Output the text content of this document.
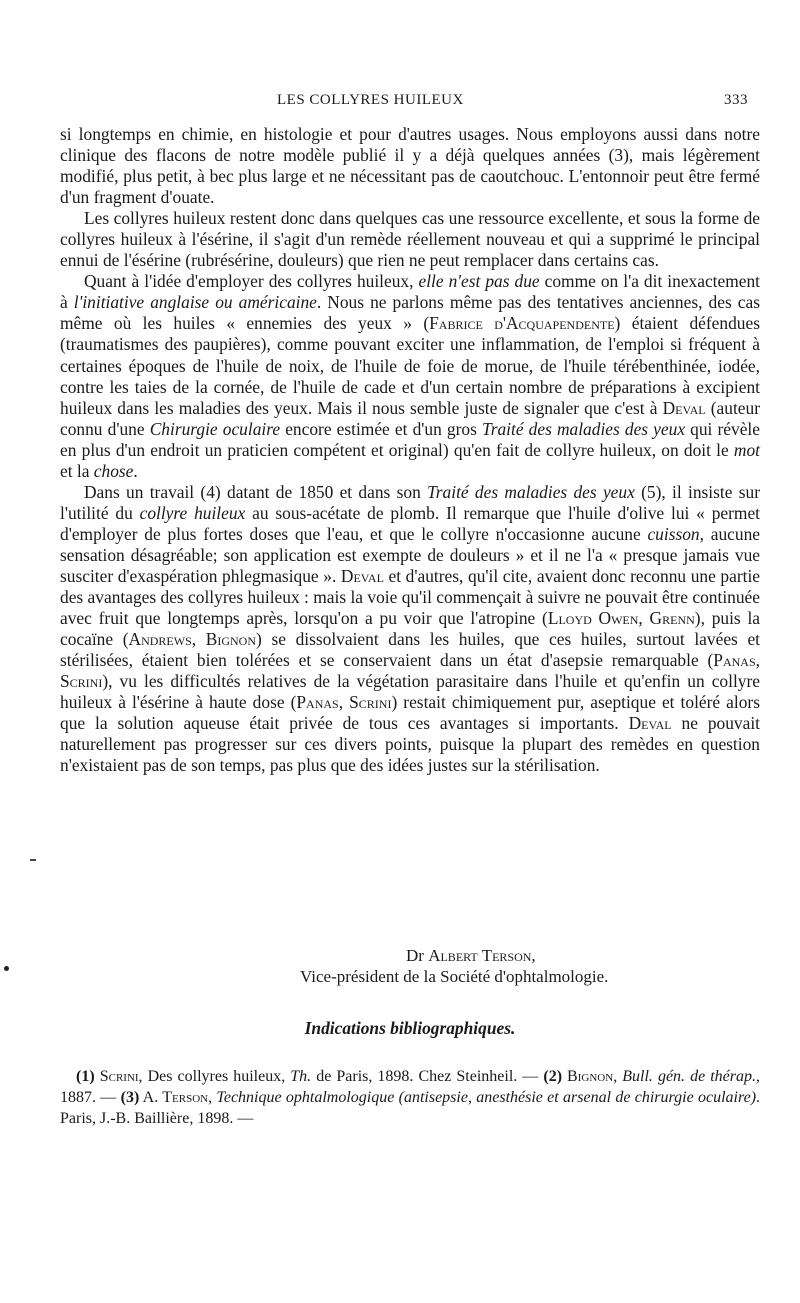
LES COLLYRES HUILEUX	333

si longtemps en chimie, en histologie et pour d'autres usages. Nous employons aussi dans notre clinique des flacons de notre modèle publié il y a déjà quelques années (3), mais légèrement modifié, plus petit, à bec plus large et ne nécessitant pas de caoutchouc. L'entonnoir peut être fermé d'un fragment d'ouate.

Les collyres huileux restent donc dans quelques cas une ressource excellente, et sous la forme de collyres huileux à l'ésérine, il s'agit d'un remède réellement nouveau et qui a supprimé le principal ennui de l'ésérine (rubrésérine, douleurs) que rien ne peut remplacer dans certains cas.

Quant à l'idée d'employer des collyres huileux, elle n'est pas due comme on l'a dit inexactement à l'initiative anglaise ou américaine. Nous ne parlons même pas des tentatives anciennes, des cas même où les huiles « ennemies des yeux » (Fabrice d'Acquapendente) étaient défendues (traumatismes des paupières), comme pouvant exciter une inflammation, de l'emploi si fréquent à certaines époques de l'huile de noix, de l'huile de foie de morue, de l'huile térébenthinée, iodée, contre les taies de la cornée, de l'huile de cade et d'un certain nombre de préparations à excipient huileux dans les maladies des yeux. Mais il nous semble juste de signaler que c'est à Deval (auteur connu d'une Chirurgie oculaire encore estimée et d'un gros Traité des maladies des yeux qui révèle en plus d'un endroit un praticien compétent et original) qu'en fait de collyre huileux, on doit le mot et la chose.

Dans un travail (4) datant de 1850 et dans son Traité des maladies des yeux (5), il insiste sur l'utilité du collyre huileux au sous-acétate de plomb. Il remarque que l'huile d'olive lui « permet d'employer de plus fortes doses que l'eau, et que le collyre n'occasionne aucune cuisson, aucune sensation désagréable; son application est exempte de douleurs » et il ne l'a « presque jamais vue susciter d'exaspération phlegmasique ». Deval et d'autres, qu'il cite, avaient donc reconnu une partie des avantages des collyres huileux : mais la voie qu'il commençait à suivre ne pouvait être continuée avec fruit que longtemps après, lorsqu'on a pu voir que l'atropine (Lloyd Owen, Grenn), puis la cocaïne (Andrews, Bignon) se dissolvaient dans les huiles, que ces huiles, surtout lavées et stérilisées, étaient bien tolérées et se conservaient dans un état d'asepsie remarquable (Panas, Scrini), vu les difficultés relatives de la végétation parasitaire dans l'huile et qu'enfin un collyre huileux à l'ésérine à haute dose (Panas, Scrini) restait chimiquement pur, aseptique et toléré alors que la solution aqueuse était privée de tous ces avantages si importants. Deval ne pouvait naturellement pas progresser sur ces divers points, puisque la plupart des remèdes en question n'existaient pas de son temps, pas plus que des idées justes sur la stérilisation.

Dr Albert Terson,
Vice-président de la Société d'ophtalmologie.
Indications bibliographiques.
(1) Scrini, Des collyres huileux, Th. de Paris, 1898. Chez Steinheil. — (2) Bignon, Bull. gén. de thérap., 1887. — (3) A. Terson, Technique ophtalmologique (antisepsie, anesthésie et arsenal de chirurgie oculaire). Paris, J.-B. Baillière, 1898. —
